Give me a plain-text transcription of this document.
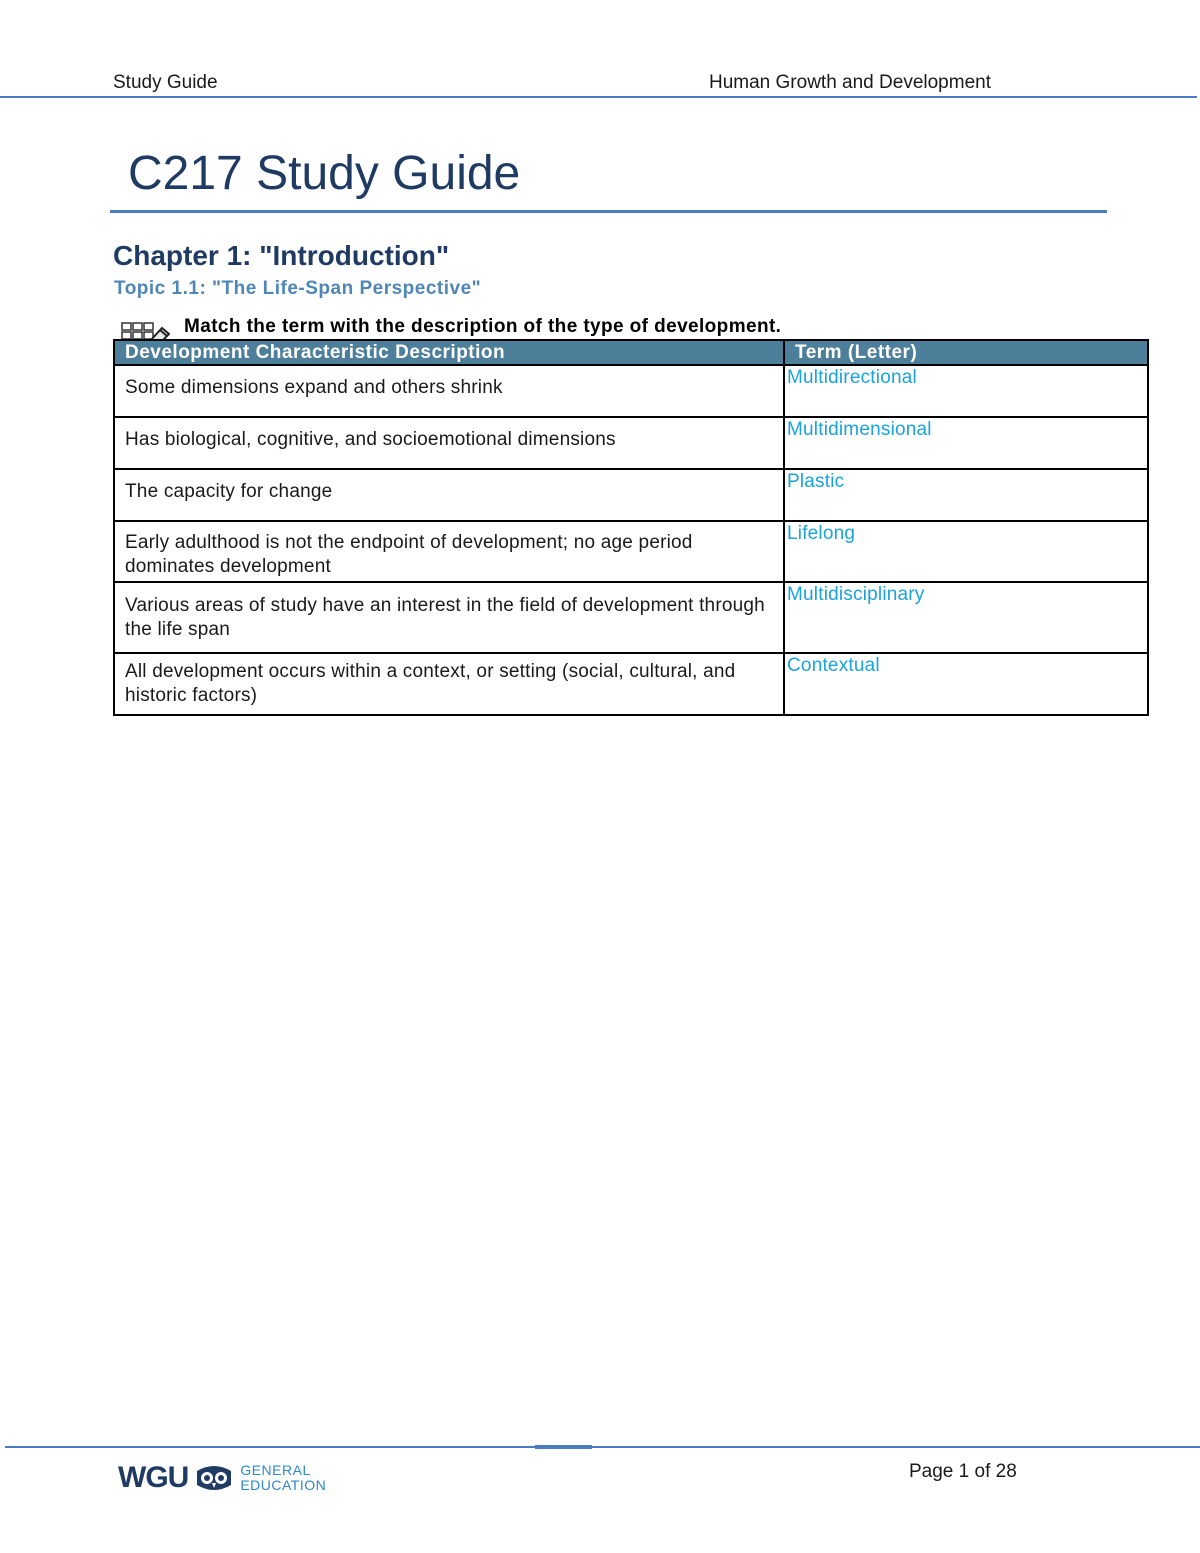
Study Guide	Human Growth and Development
C217 Study Guide
Chapter 1: "Introduction"
Topic 1.1: "The Life-Span Perspective"
Match the term with the description of the type of development.
Development Characteristic Description	Term (Letter)
Some dimensions expand and others shrink	Multidirectional
Has biological, cognitive, and socioemotional dimensions	Multidimensional
The capacity for change	Plastic
Early adulthood is not the endpoint of development; no age period dominates development	Lifelong
Various areas of study have an interest in the field of development through the life span	Multidisciplinary
All development occurs within a context, or setting (social, cultural, and historic factors)	Contextual
WGU	GENERAL
EDUCATION
Page 1 of 28
